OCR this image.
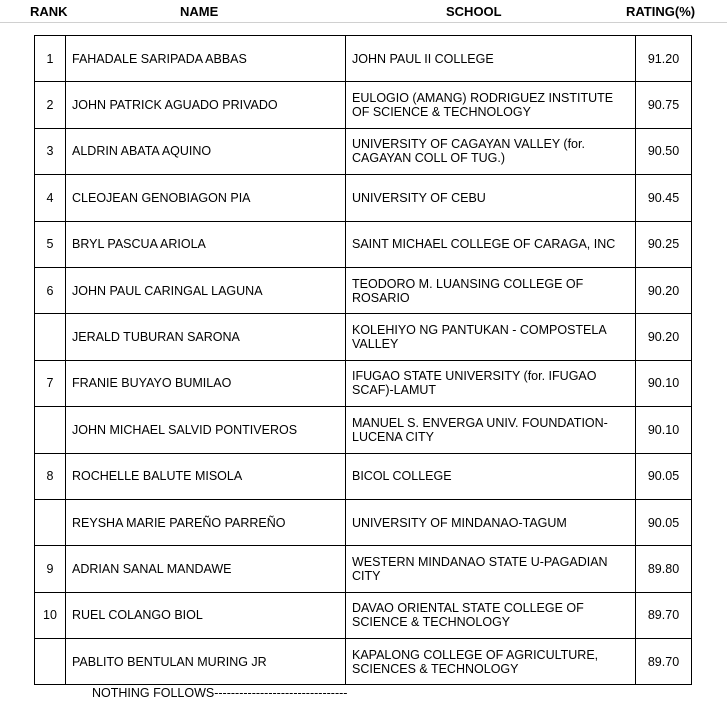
RANK	NAME	SCHOOL	RATING(%)
1	FAHADALE SARIPADA ABBAS	JOHN PAUL II COLLEGE	91.20
2	JOHN PATRICK AGUADO PRIVADO	EULOGIO (AMANG) RODRIGUEZ INSTITUTE OF SCIENCE & TECHNOLOGY	90.75
3	ALDRIN ABATA AQUINO	UNIVERSITY OF CAGAYAN VALLEY (for. CAGAYAN COLL OF TUG.)	90.50
4	CLEOJEAN GENOBIAGON PIA	UNIVERSITY OF CEBU	90.45
5	BRYL PASCUA ARIOLA	SAINT MICHAEL COLLEGE OF CARAGA, INC	90.25
6	JOHN PAUL CARINGAL LAGUNA	TEODORO M. LUANSING COLLEGE OF ROSARIO	90.20
	JERALD TUBURAN SARONA	KOLEHIYO NG PANTUKAN - COMPOSTELA VALLEY	90.20
7	FRANIE BUYAYO BUMILAO	IFUGAO STATE UNIVERSITY (for. IFUGAO SCAF)-LAMUT	90.10
	JOHN MICHAEL SALVID PONTIVEROS	MANUEL S. ENVERGA UNIV. FOUNDATION-LUCENA CITY	90.10
8	ROCHELLE BALUTE MISOLA	BICOL COLLEGE	90.05
	REYSHA MARIE PAREÑO PARREÑO	UNIVERSITY OF MINDANAO-TAGUM	90.05
9	ADRIAN SANAL MANDAWE	WESTERN MINDANAO STATE U-PAGADIAN CITY	89.80
10	RUEL COLANGO BIOL	DAVAO ORIENTAL STATE COLLEGE OF SCIENCE & TECHNOLOGY	89.70
	PABLITO BENTULAN MURING JR	KAPALONG COLLEGE OF AGRICULTURE, SCIENCES & TECHNOLOGY	89.70
NOTHING FOLLOWS--------------------------------
